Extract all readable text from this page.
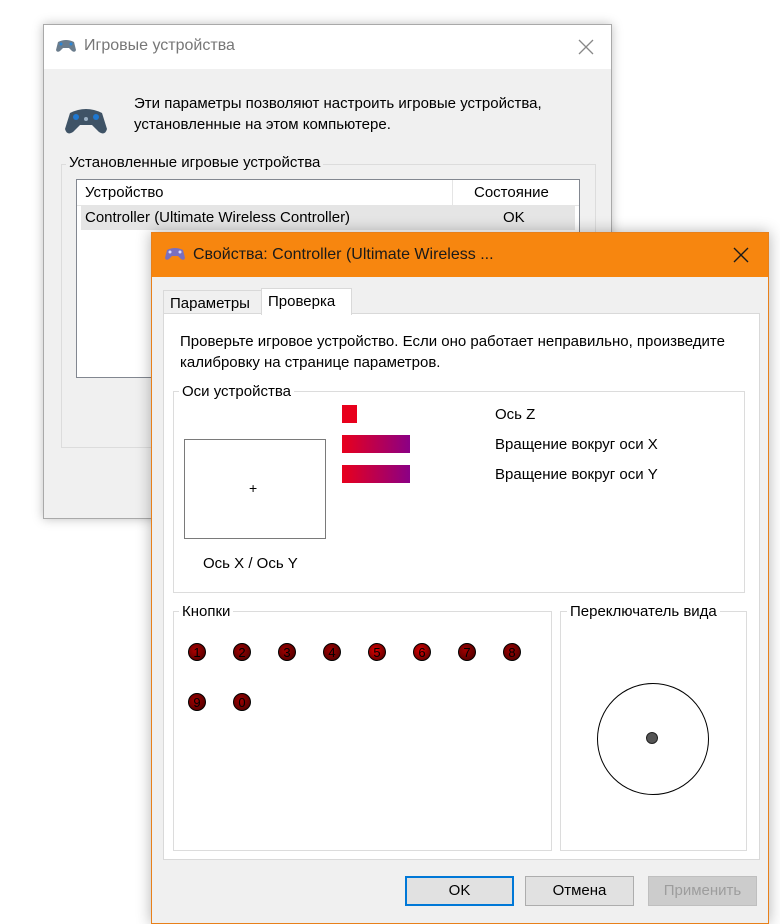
Игровые устройства
Эти параметры позволяют настроить игровые устройства, установленные на этом компьютере.
Установленные игровые устройства
Устройство	Состояние
Controller (Ultimate Wireless Controller)	OK
Свойства: Controller (Ultimate Wireless ...
Параметры Проверка
Проверьте игровое устройство. Если оно работает неправильно, произведите калибровку на странице параметров.
Оси устройства
+
Ось X / Ось Y
Ось Z
Вращение вокруг оси X
Вращение вокруг оси Y
Кнопки	Переключатель вида
1	2	3	4	5	6	7	8
9	0
OK	Отмена	Применить
